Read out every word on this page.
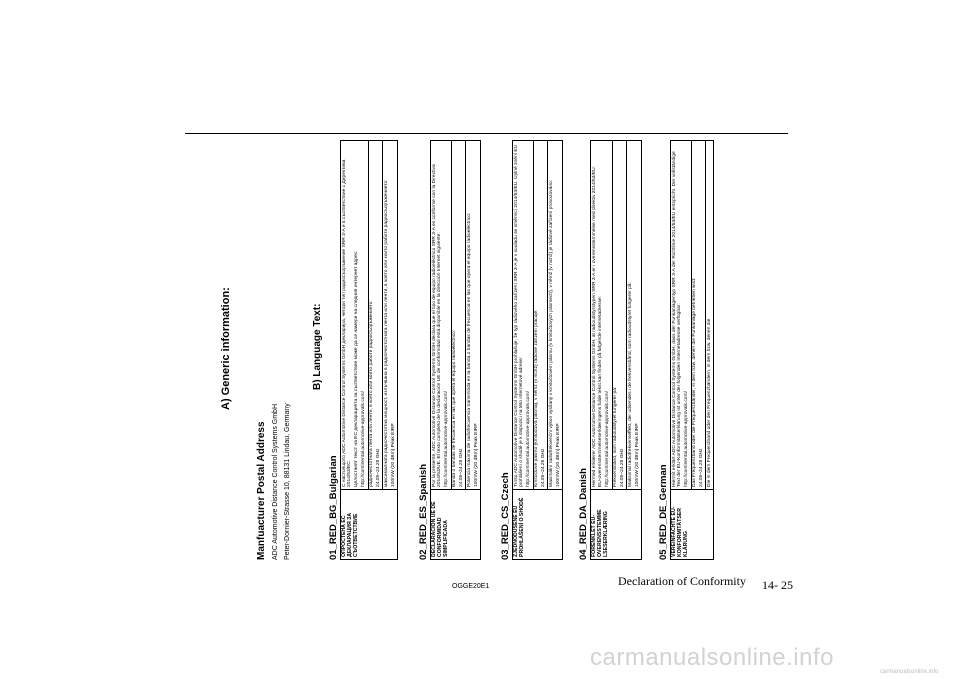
A) Generic information:
Manfuacturer Postal Address ADC Automotive Distance Control Systems GmbH Peter-Dornier-Strasse 10, 88131 Lindau, Germany
B) Language Text:
01_RED_BG_Bulgarian ОПРОСТЕНА ЕС ДЕКЛАРАЦИЯ ЗА СЪОТВЕТСТВИЕ
С настоящото ADC Automotive Distance Control Systems GmbH декларира, четори тип радиосъоръжение SRR 3-A е в съответствие с Директива 2014/53/ЕС. Цялостният текст на ЕС декларацията за съответствие може да се намери на следния интернет адрес: http://continental.automotive-approvals.com/ радиочестотната лента или ленти, в която или които работи радиосъоръжението: 24.05~24.25 GHz максималната радиочестотна мощност, излъчвана в радиочестотната лента или ленти, в която или които работи радиосъоръжението: 100mW (20 dBm) Peak EIRP
02_RED_ES_Spanish DECLARACIÓN UE DE CONFORMIDAD SIMPLIFICADA
Por la presente, ADC Automotive Distance Control Systems GmbH declara que el tipo de equipo radioeléctrico SRR 3-A es conforme con la Directiva 2014/53/UE. El texto completo de la declaración UE de conformidad está disponible en la dirección Internet siguiente: http://continental.automotive-approvals.com/ Banda o bandas de frecuencia en las que opera el equipo radioeléctrico: 24.05~24.25 GHz Potencia máxima de radiofrecuencia transmitida en la banda o bandas de frecuencia en las que opera el equipo radioeléctrico: 100mW (20 dBm) Peak EIRP
03_RED_CS_Czech ZJEDNODUŠENÉ EU PROHLÁŠENÍ O SHODĚ
Tímto ADC Automotive Distance Control Systems GmbH prohlašuje, že typ rádiového zařízení SRR 3-A je v souladu se směrnicí 2014/53/EU. Úplné znění EU prohlášení o shodě je k dispozici na této internetové adrese: http://continental.automotive-approvals.com/ Kmitočtové pásmo (kmitočtová pásma), v němž (v nichž) rádiové zařízení pracuje: 24.05~24.25 GHz Maximální radiofrekvenční výkon vysílaný v kmitočtovém pásmu (v kmitočtových pásmech), v němž (v nichž) je rádiové zařízení provozováno: 100mW (20 dBm) Peak EIRP
04_RED_DA_Danish FORENKLET EU-OVERENSSTEMME LSESERKLÆRING
Hermed erklærer ADC Automotive Distance Control Systems GmbH, at radioudstyrstypen SRR 3-A er i overensstemmelse med direktiv 2014/53/EU. EU-overensstemmelseserklæringens fulde tekst kan findes på følgende internetadresse: http://continental.automotive-approvals.com/ Frekvensbånd, som radioudstyret fungerer på: 24.05~24.25 GHz Maksimal radiofrekvenseffekt, der udsendes i de frekvensbånd, som radioudstyret fungerer på: 100mW (20 dBm) Peak EIRP
05_RED_DE_German VEREINFACHTE EU-KONFORMITÄTSER KLÄRUNG
Hiermit erklärt ADC Automotive Distance Control Systems GmbH, dass der Funkanlagentyp SRR 3-A der Richtlinie 2014/53/EU entspricht. Der vollständige Text der EU-Konformitätserklärung ist unter der folgenden Internetadresse verfügbar: http://continental.automotive-approvals.com/ Das Frequenzband oder die Frequenzbänder, in dem bzw. denen die Funkanlage betrieben wird: 24.05~24.25 GHz Die in dem Frequenzband oder den Frequenzbändern, in dem bzw. denen die
OGGE20E1	Declaration of Conformity 14- 25
carmanualsonline.info
carmanualsonline.info
